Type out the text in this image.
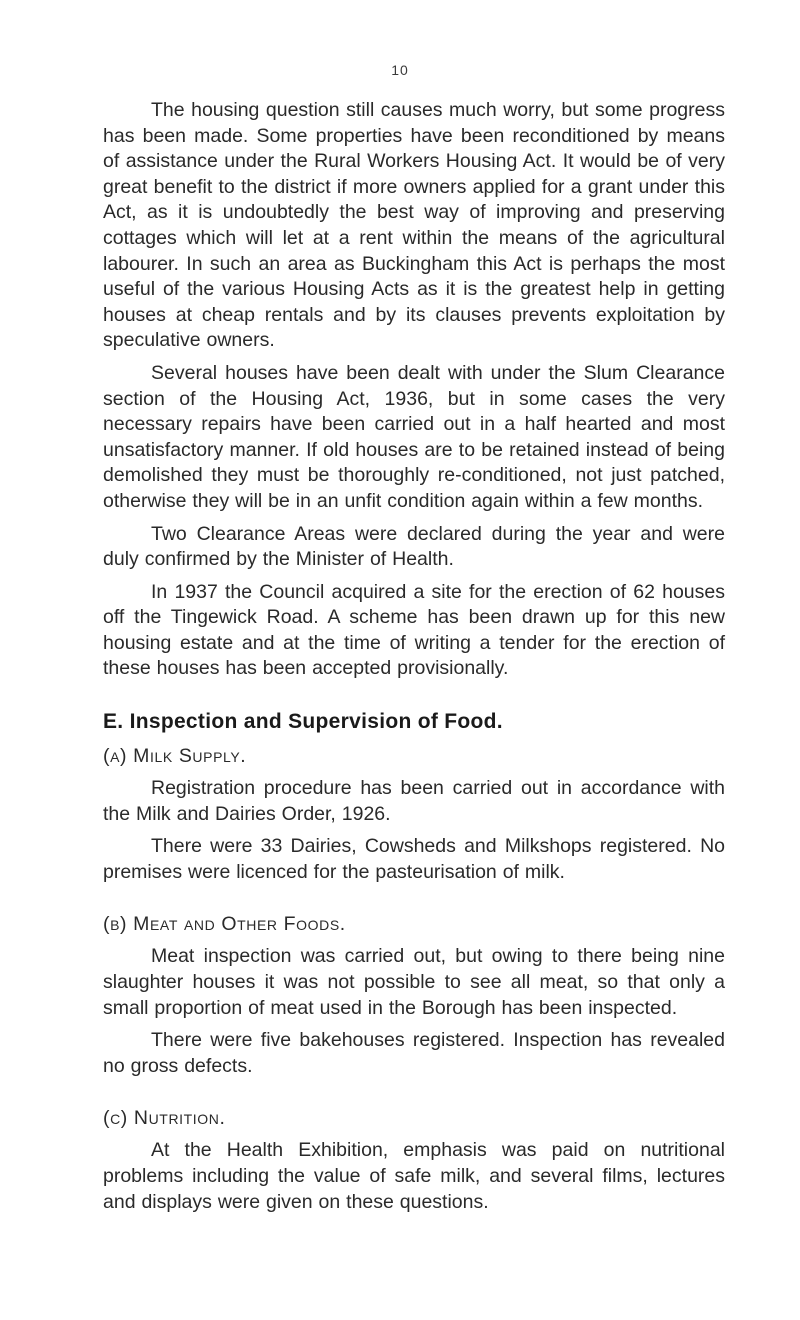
10

The housing question still causes much worry, but some progress has been made. Some properties have been reconditioned by means of assistance under the Rural Workers Housing Act. It would be of very great benefit to the district if more owners applied for a grant under this Act, as it is undoubtedly the best way of improving and preserving cottages which will let at a rent within the means of the agricultural labourer. In such an area as Buckingham this Act is perhaps the most useful of the various Housing Acts as it is the greatest help in getting houses at cheap rentals and by its clauses prevents exploitation by speculative owners.

Several houses have been dealt with under the Slum Clearance section of the Housing Act, 1936, but in some cases the very necessary repairs have been carried out in a half hearted and most unsatisfactory manner. If old houses are to be retained instead of being demolished they must be thoroughly re-conditioned, not just patched, otherwise they will be in an unfit condition again within a few months.

Two Clearance Areas were declared during the year and were duly confirmed by the Minister of Health.

In 1937 the Council acquired a site for the erection of 62 houses off the Tingewick Road. A scheme has been drawn up for this new housing estate and at the time of writing a tender for the erection of these houses has been accepted provisionally.

E. Inspection and Supervision of Food.
(a) Milk Supply.

Registration procedure has been carried out in accordance with the Milk and Dairies Order, 1926.

There were 33 Dairies, Cowsheds and Milkshops registered. No premises were licenced for the pasteurisation of milk.

(b) Meat and Other Foods.

Meat inspection was carried out, but owing to there being nine slaughter houses it was not possible to see all meat, so that only a small proportion of meat used in the Borough has been inspected.

There were five bakehouses registered. Inspection has revealed no gross defects.

(c) Nutrition.

At the Health Exhibition, emphasis was paid on nutritional problems including the value of safe milk, and several films, lectures and displays were given on these questions.
